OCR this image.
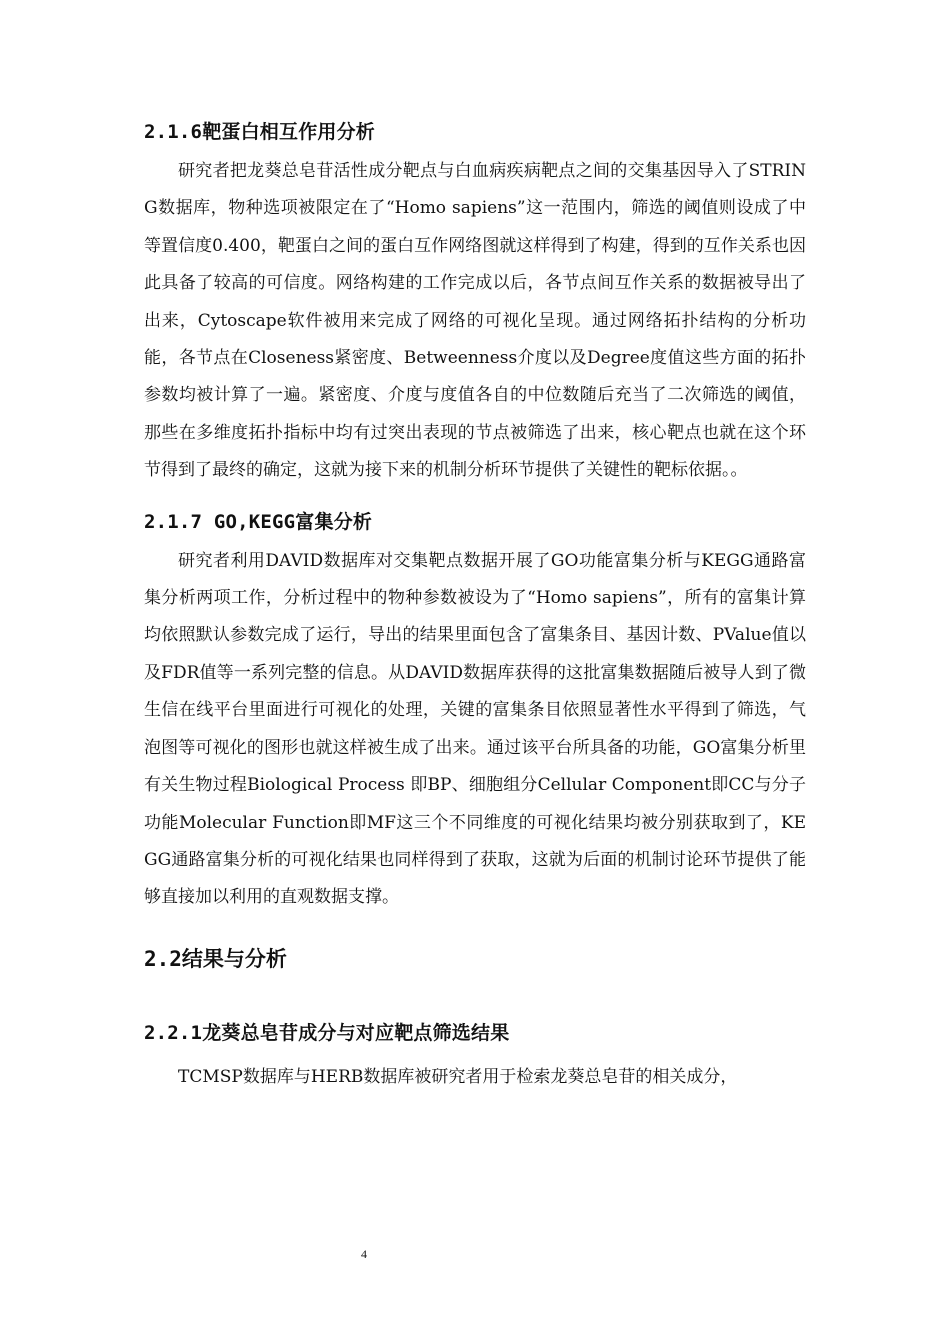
2.1.6靶蛋白相互作用分析

研究者把龙葵总皂苷活性成分靶点与白血病疾病靶点之间的交集基因导入了STRING数据库，物种选项被限定在了“Homo sapiens”这一范围内，筛选的阈值则设成了中等置信度0.400，靶蛋白之间的蛋白互作网络图就这样得到了构建，得到的互作关系也因此具备了较高的可信度。网络构建的工作完成以后，各节点间互作关系的数据被导出了出来，Cytoscape软件被用来完成了网络的可视化呈现。通过网络拓扑结构的分析功能，各节点在Closeness紧密度、Betweenness介度以及Degree度值这些方面的拓扑参数均被计算了一遍。紧密度、介度与度值各自的中位数随后充当了二次筛选的阈值，那些在多维度拓扑指标中均有过突出表现的节点被筛选了出来，核心靶点也就在这个环节得到了最终的确定，这就为接下来的机制分析环节提供了关键性的靶标依据。。

2.1.7 GO,KEGG富集分析

研究者利用DAVID数据库对交集靶点数据开展了GO功能富集分析与KEGG通路富集分析两项工作，分析过程中的物种参数被设为了“Homo sapiens”，所有的富集计算均依照默认参数完成了运行，导出的结果里面包含了富集条目、基因计数、PValue值以及FDR值等一系列完整的信息。从DAVID数据库获得的这批富集数据随后被导人到了微生信在线平台里面进行可视化的处理，关键的富集条目依照显著性水平得到了筛选，气泡图等可视化的图形也就这样被生成了出来。通过该平台所具备的功能，GO富集分析里有关生物过程Biological Process 即BP、细胞组分Cellular Component即CC与分子功能Molecular Function即MF这三个不同维度的可视化结果均被分别获取到了，KEGG通路富集分析的可视化结果也同样得到了获取，这就为后面的机制讨论环节提供了能够直接加以利用的直观数据支撑。

2.2结果与分析
2.2.1龙葵总皂苷成分与对应靶点筛选结果

TCMSP数据库与HERB数据库被研究者用于检索龙葵总皂苷的相关成分，

4
